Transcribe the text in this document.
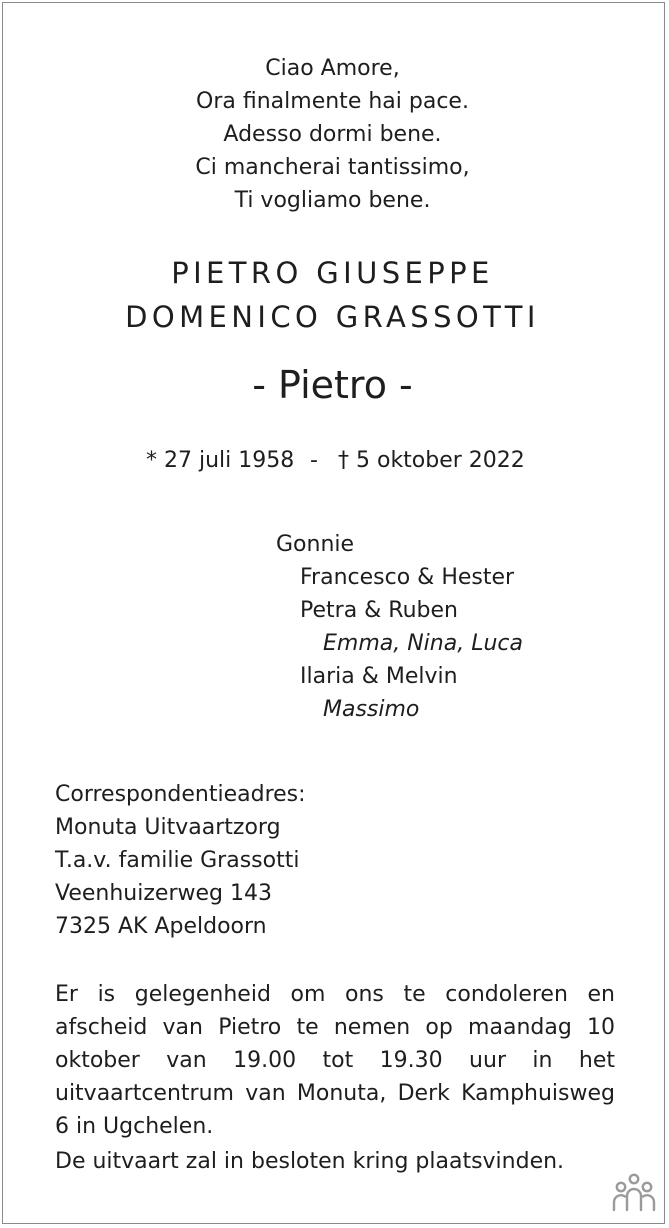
Ciao Amore,
Ora finalmente hai pace.
Adesso dormi bene.
Ci mancherai tantissimo,
Ti vogliamo bene.
PIETRO GIUSEPPE
DOMENICO GRASSOTTI
- Pietro -
* 27 juli 1958 - † 5 oktober 2022
Gonnie
Francesco & Hester
Petra & Ruben
Emma, Nina, Luca
Ilaria & Melvin
Massimo
Correspondentieadres:
Monuta Uitvaartzorg
T.a.v. familie Grassotti
Veenhuizerweg 143
7325 AK Apeldoorn
Er is gelegenheid om ons te condoleren en afscheid van Pietro te nemen op maandag 10 oktober van 19.00 tot 19.30 uur in het uitvaartcentrum van Monuta, Derk Kamphuisweg 6 in Ugchelen.
De uitvaart zal in besloten kring plaatsvinden.
